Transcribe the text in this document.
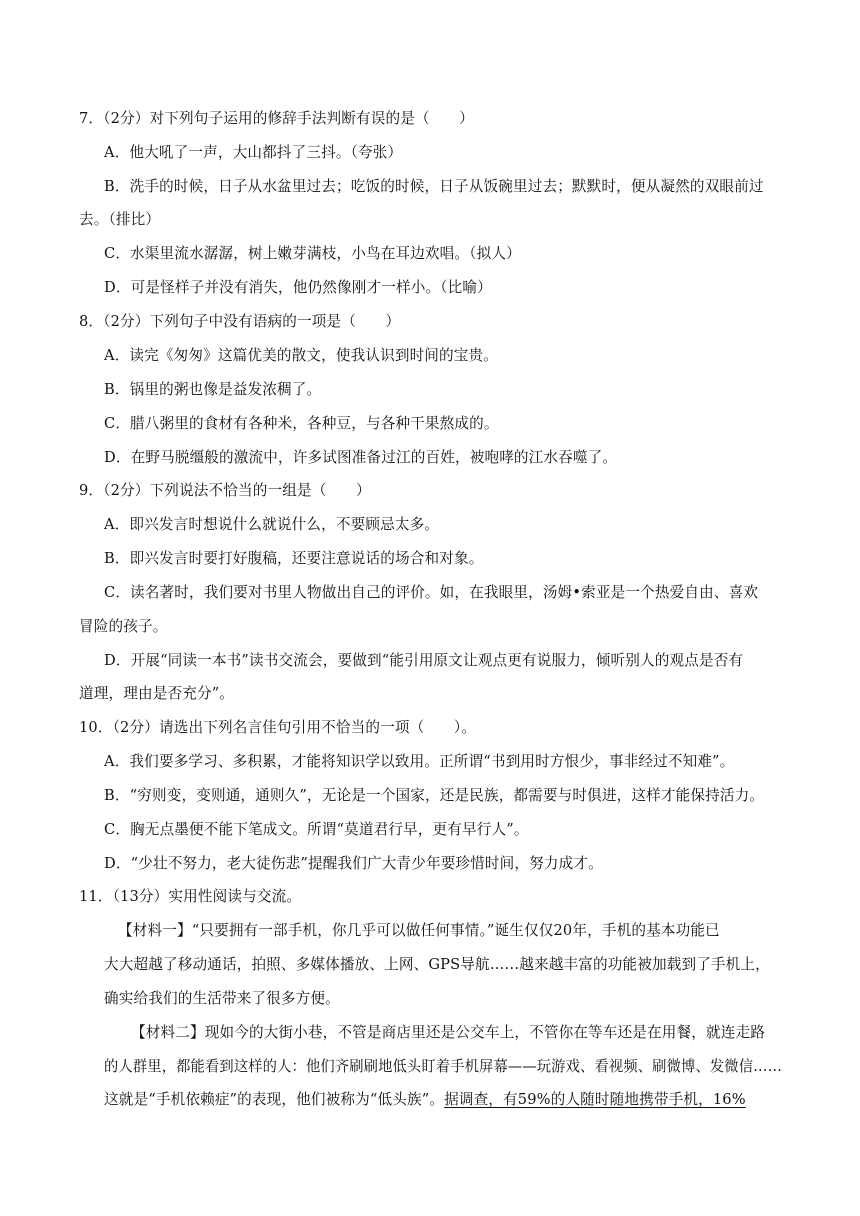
7．（2分）对下列句子运用的修辞手法判断有误的是（　　）
A．他大吼了一声，大山都抖了三抖。（夸张）
B．洗手的时候，日子从水盆里过去；吃饭的时候，日子从饭碗里过去；默默时，便从凝然的双眼前过
去。（排比）
C．水渠里流水潺潺，树上嫩芽满枝，小鸟在耳边欢唱。（拟人）
D．可是怪样子并没有消失，他仍然像刚才一样小。（比喻）
8．（2分）下列句子中没有语病的一项是（　　）
A．读完《匆匆》这篇优美的散文，使我认识到时间的宝贵。
B．锅里的粥也像是益发浓稠了。
C．腊八粥里的食材有各种米，各种豆，与各种干果熬成的。
D．在野马脱缰般的激流中，许多试图准备过江的百姓，被咆哮的江水吞噬了。
9．（2分）下列说法不恰当的一组是（　　）
A．即兴发言时想说什么就说什么，不要顾忌太多。
B．即兴发言时要打好腹稿，还要注意说话的场合和对象。
C．读名著时，我们要对书里人物做出自己的评价。如，在我眼里，汤姆•索亚是一个热爱自由、喜欢
冒险的孩子。
D．开展“同读一本书”读书交流会，要做到“能引用原文让观点更有说服力，倾听别人的观点是否有
道理，理由是否充分”。
10．（2分）请选出下列名言佳句引用不恰当的一项（　　）。
A．我们要多学习、多积累，才能将知识学以致用。正所谓“书到用时方恨少，事非经过不知难”。
B．“穷则变，变则通，通则久”，无论是一个国家，还是民族，都需要与时俱进，这样才能保持活力。
C．胸无点墨便不能下笔成文。所谓“莫道君行早，更有早行人”。
D．“少壮不努力，老大徒伤悲”提醒我们广大青少年要珍惜时间，努力成才。
11．（13分）实用性阅读与交流。
【材料一】“只要拥有一部手机，你几乎可以做任何事情。”诞生仅仅20年，手机的基本功能已
大大超越了移动通话，拍照、多媒体播放、上网、GPS导航……越来越丰富的功能被加载到了手机上，
确实给我们的生活带来了很多方便。
【材料二】现如今的大街小巷，不管是商店里还是公交车上，不管你在等车还是在用餐，就连走路
的人群里，都能看到这样的人：他们齐刷刷地低头盯着手机屏幕——玩游戏、看视频、刷微博、发微信……
这就是“手机依赖症”的表现，他们被称为“低头族”。据调查，有59%的人随时随地携带手机，16%
